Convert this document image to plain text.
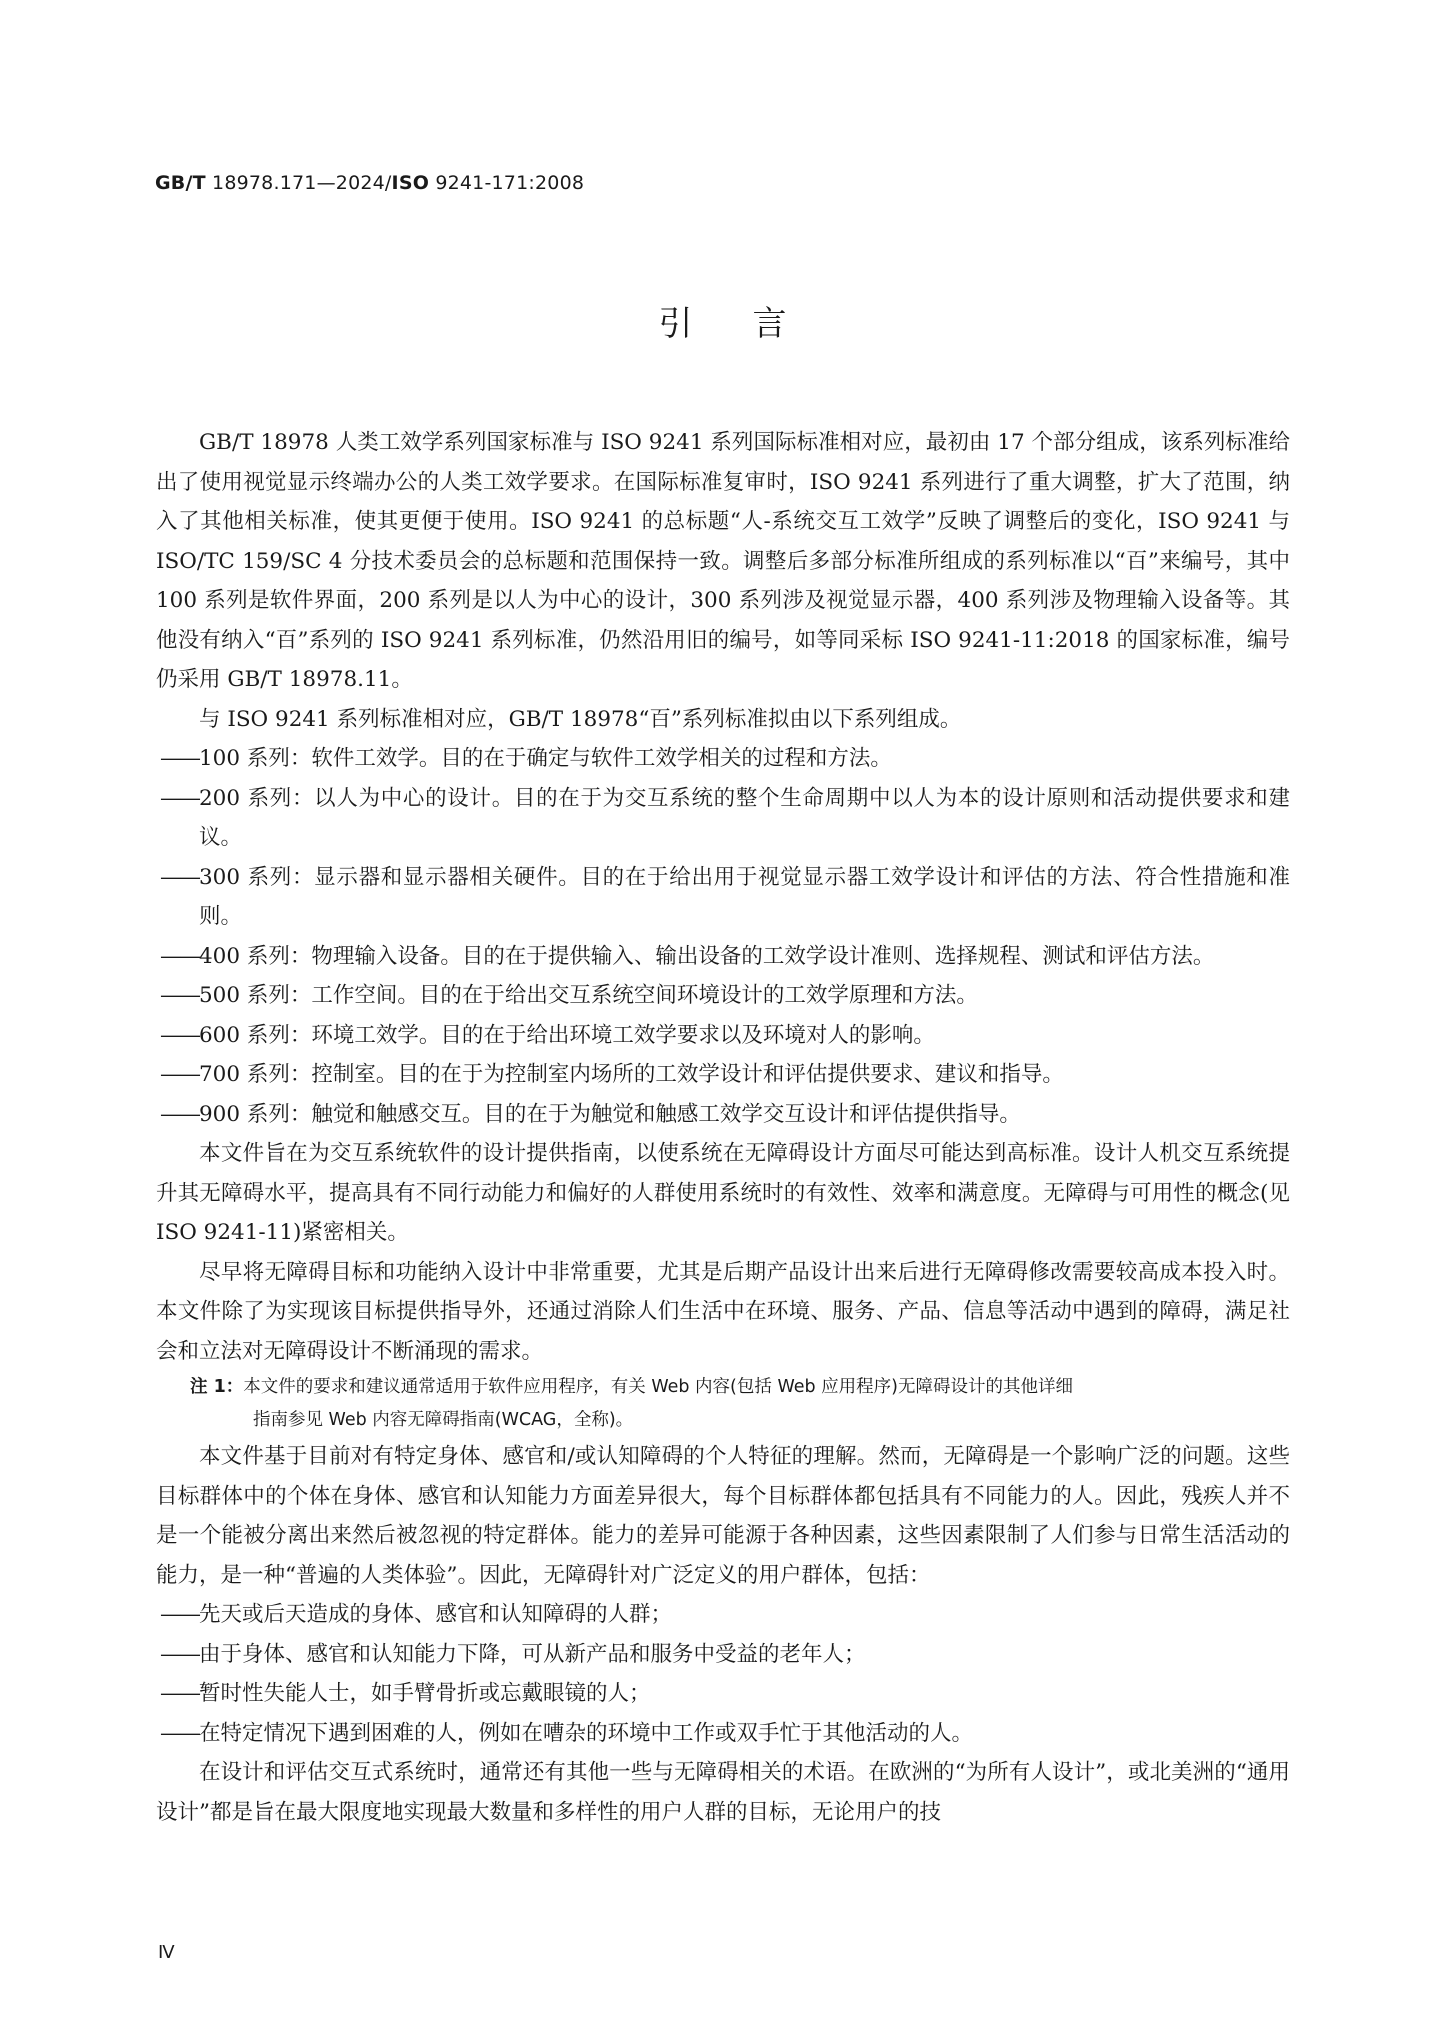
GB/T 18978.171—2024/ISO 9241-171:2008
引言
GB/T 18978 人类工效学系列国家标准与 ISO 9241 系列国际标准相对应，最初由 17 个部分组成，该系列标准给出了使用视觉显示终端办公的人类工效学要求。在国际标准复审时，ISO 9241 系列进行了重大调整，扩大了范围，纳入了其他相关标准，使其更便于使用。ISO 9241 的总标题“人-系统交互工效学”反映了调整后的变化，ISO 9241 与 ISO/TC 159/SC 4 分技术委员会的总标题和范围保持一致。调整后多部分标准所组成的系列标准以“百”来编号，其中 100 系列是软件界面，200 系列是以人为中心的设计，300 系列涉及视觉显示器，400 系列涉及物理输入设备等。其他没有纳入“百”系列的 ISO 9241 系列标准，仍然沿用旧的编号，如等同采标 ISO 9241-11:2018 的国家标准，编号仍采用 GB/T 18978.11。
与 ISO 9241 系列标准相对应，GB/T 18978“百”系列标准拟由以下系列组成。
—— 100 系列：软件工效学。目的在于确定与软件工效学相关的过程和方法。
—— 200 系列：以人为中心的设计。目的在于为交互系统的整个生命周期中以人为本的设计原则和活动提供要求和建议。
—— 300 系列：显示器和显示器相关硬件。目的在于给出用于视觉显示器工效学设计和评估的方法、符合性措施和准则。
—— 400 系列：物理输入设备。目的在于提供输入、输出设备的工效学设计准则、选择规程、测试和评估方法。
—— 500 系列：工作空间。目的在于给出交互系统空间环境设计的工效学原理和方法。
—— 600 系列：环境工效学。目的在于给出环境工效学要求以及环境对人的影响。
—— 700 系列：控制室。目的在于为控制室内场所的工效学设计和评估提供要求、建议和指导。
—— 900 系列：触觉和触感交互。目的在于为触觉和触感工效学交互设计和评估提供指导。
本文件旨在为交互系统软件的设计提供指南，以使系统在无障碍设计方面尽可能达到高标准。设计人机交互系统提升其无障碍水平，提高具有不同行动能力和偏好的人群使用系统时的有效性、效率和满意度。无障碍与可用性的概念(见 ISO 9241-11)紧密相关。
尽早将无障碍目标和功能纳入设计中非常重要，尤其是后期产品设计出来后进行无障碍修改需要较高成本投入时。本文件除了为实现该目标提供指导外，还通过消除人们生活中在环境、服务、产品、信息等活动中遇到的障碍，满足社会和立法对无障碍设计不断涌现的需求。
注 1：本文件的要求和建议通常适用于软件应用程序，有关 Web 内容(包括 Web 应用程序)无障碍设计的其他详细
指南参见 Web 内容无障碍指南(WCAG，全称)。
本文件基于目前对有特定身体、感官和/或认知障碍的个人特征的理解。然而，无障碍是一个影响广泛的问题。这些目标群体中的个体在身体、感官和认知能力方面差异很大，每个目标群体都包括具有不同能力的人。因此，残疾人并不是一个能被分离出来然后被忽视的特定群体。能力的差异可能源于各种因素，这些因素限制了人们参与日常生活活动的能力，是一种“普遍的人类体验”。因此，无障碍针对广泛定义的用户群体，包括：
—— 先天或后天造成的身体、感官和认知障碍的人群；
—— 由于身体、感官和认知能力下降，可从新产品和服务中受益的老年人；
—— 暂时性失能人士，如手臂骨折或忘戴眼镜的人；
—— 在特定情况下遇到困难的人，例如在嘈杂的环境中工作或双手忙于其他活动的人。
在设计和评估交互式系统时，通常还有其他一些与无障碍相关的术语。在欧洲的“为所有人设计”，或北美洲的“通用设计”都是旨在最大限度地实现最大数量和多样性的用户人群的目标，无论用户的技
Ⅳ
